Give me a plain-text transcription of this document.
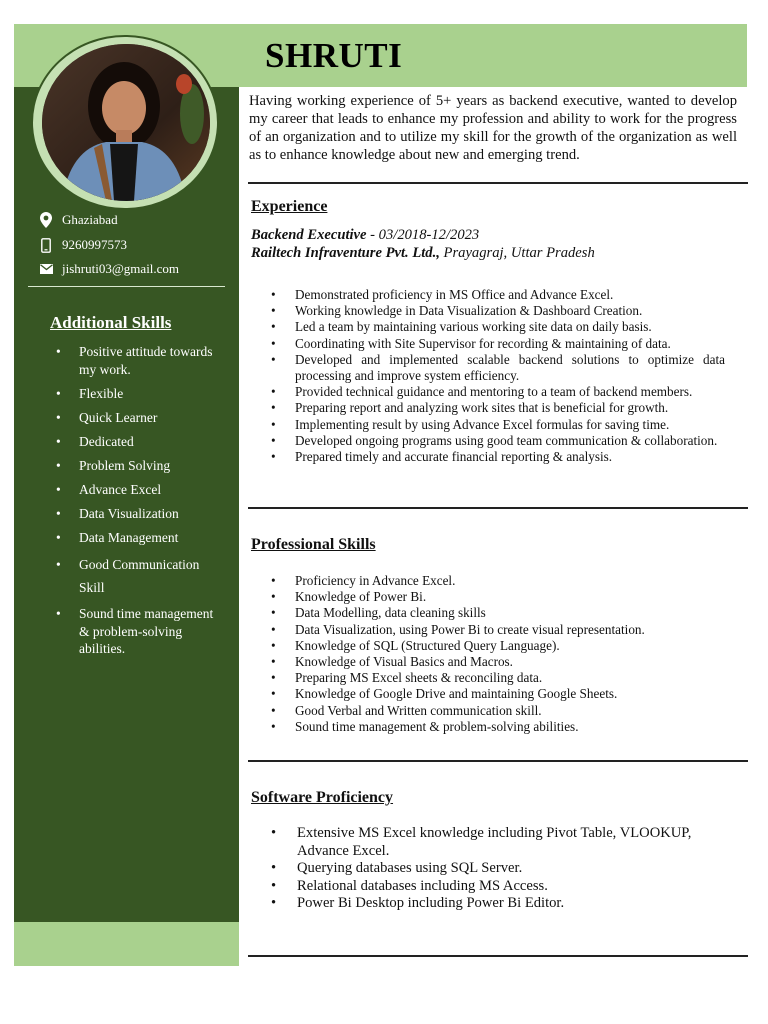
SHRUTI
Ghaziabad
9260997573
jishruti03@gmail.com
Additional Skills
• Positive attitude towards my work.
• Flexible
• Quick Learner
• Dedicated
• Problem Solving
• Advance Excel
• Data Visualization
• Data Management
• Good Communication Skill
• Sound time management & problem-solving abilities.

Having working experience of 5+ years as backend executive, wanted to develop my career that leads to enhance my profession and ability to work for the progress of an organization and to utilize my skill for the growth of the organization as well as to enhance knowledge about new and emerging trend.

Experience
Backend Executive - 03/2018-12/2023
Railtech Infraventure Pvt. Ltd., Prayagraj, Uttar Pradesh
• Demonstrated proficiency in MS Office and Advance Excel.
• Working knowledge in Data Visualization & Dashboard Creation.
• Led a team by maintaining various working site data on daily basis.
• Coordinating with Site Supervisor for recording & maintaining of data.
• Developed and implemented scalable backend solutions to optimize data processing and improve system efficiency.
• Provided technical guidance and mentoring to a team of backend members.
• Preparing report and analyzing work sites that is beneficial for growth.
• Implementing result by using Advance Excel formulas for saving time.
• Developed ongoing programs using good team communication & collaboration.
• Prepared timely and accurate financial reporting & analysis.
Professional Skills
• Proficiency in Advance Excel.
• Knowledge of Power Bi.
• Data Modelling, data cleaning skills
• Data Visualization, using Power Bi to create visual representation.
• Knowledge of SQL (Structured Query Language).
• Knowledge of Visual Basics and Macros.
• Preparing MS Excel sheets & reconciling data.
• Knowledge of Google Drive and maintaining Google Sheets.
• Good Verbal and Written communication skill.
• Sound time management & problem-solving abilities.
Software Proficiency
• Extensive MS Excel knowledge including Pivot Table, VLOOKUP, Advance Excel.
• Querying databases using SQL Server.
• Relational databases including MS Access.
• Power Bi Desktop including Power Bi Editor.
